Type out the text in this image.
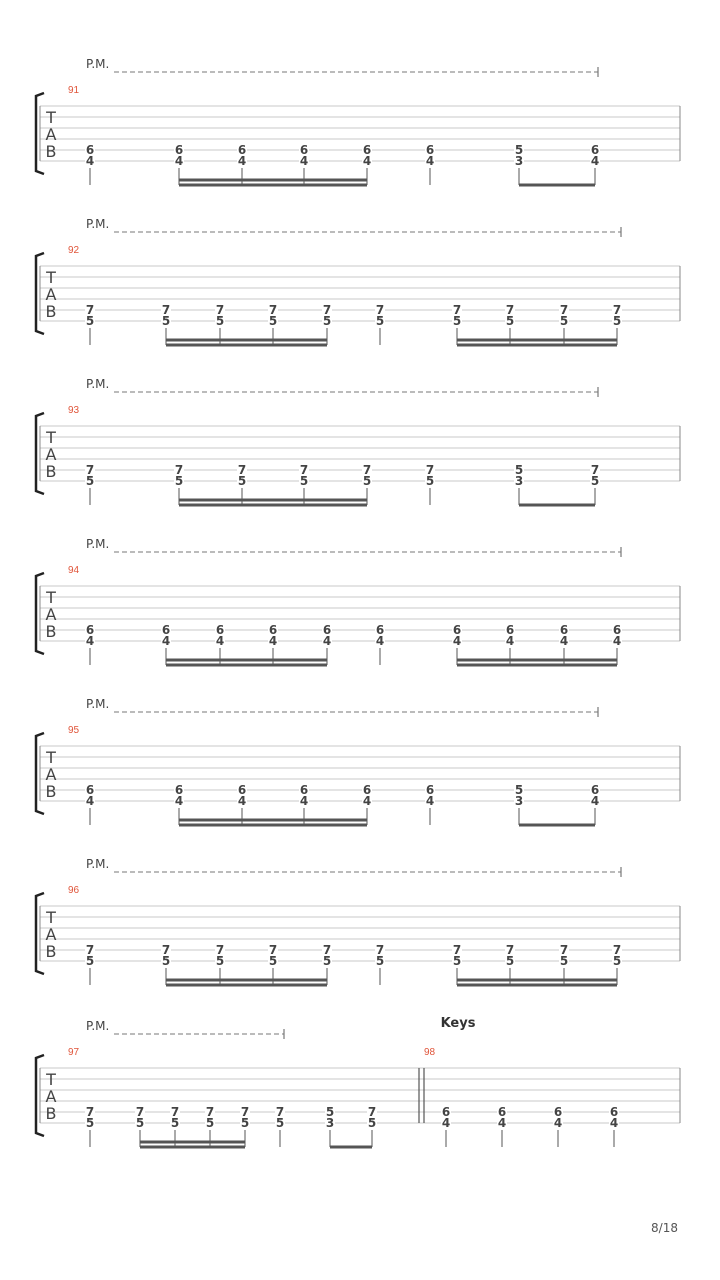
P.M.
T
A
B
91
6
4
6
4
6
4
6
4
6
4
6
4
5
3
6
4
P.M.
T
A
B
92
7
5
7
5
7
5
7
5
7
5
7
5
7
5
7
5
7
5
7
5
P.M.
T
A
B
93
7
5
7
5
7
5
7
5
7
5
7
5
5
3
7
5
P.M.
T
A
B
94
6
4
6
4
6
4
6
4
6
4
6
4
6
4
6
4
6
4
6
4
P.M.
T
A
B
95
6
4
6
4
6
4
6
4
6
4
6
4
5
3
6
4
P.M.
T
A
B
96
7
5
7
5
7
5
7
5
7
5
7
5
7
5
7
5
7
5
7
5
P.M.	Keys
T
A
B
97
7
5
7
5
7
5
7
5
7
5
7
5
5
3
7
5
98
6
4
6
4
6
4
6
4
8/18
